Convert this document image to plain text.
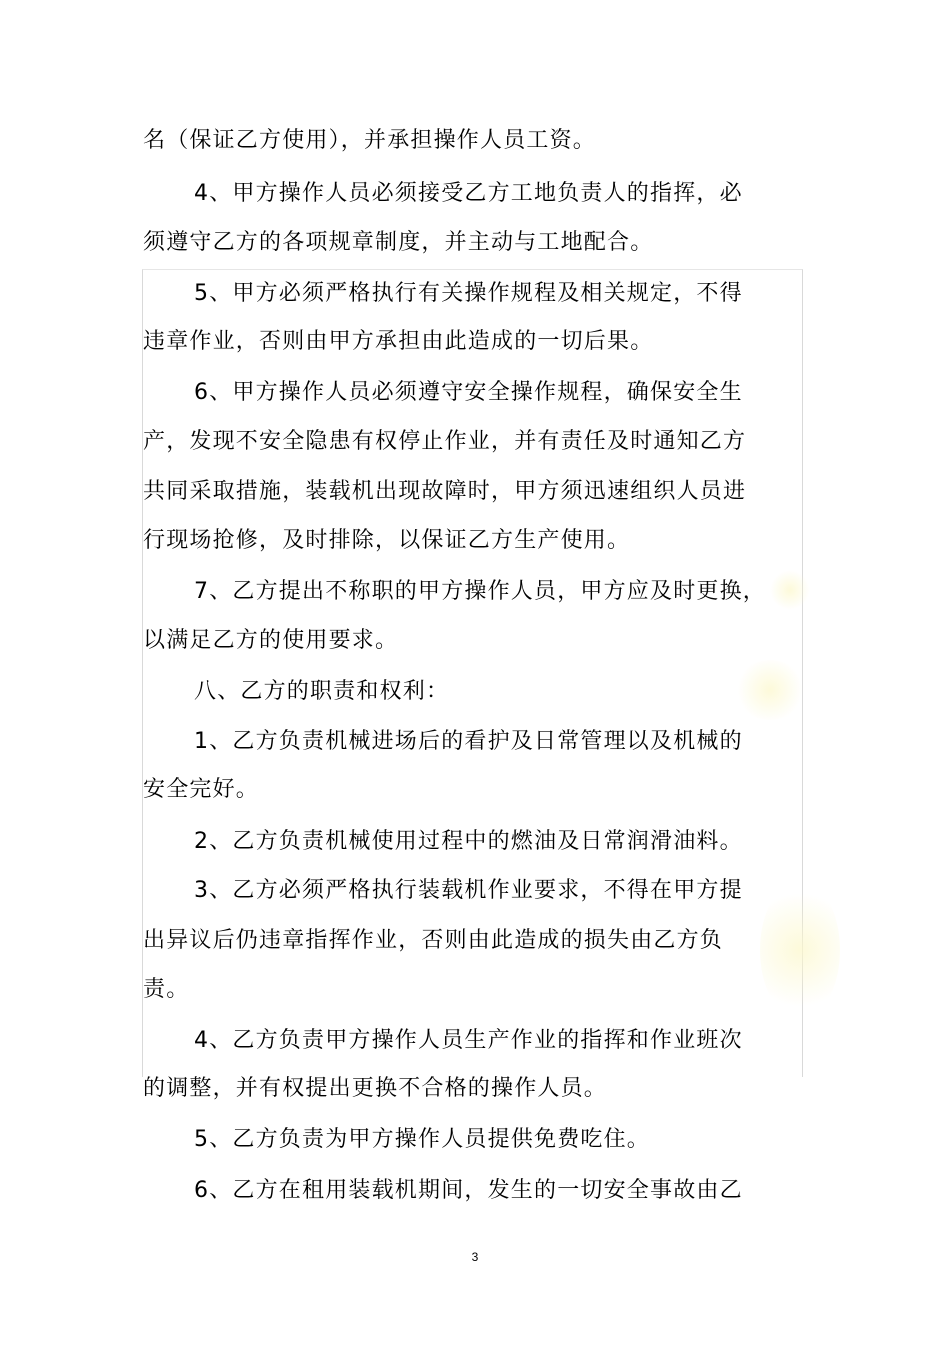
名（保证乙方使用），并承担操作人员工资。
4、甲方操作人员必须接受乙方工地负责人的指挥，必
须遵守乙方的各项规章制度，并主动与工地配合。
5、甲方必须严格执行有关操作规程及相关规定，不得
违章作业，否则由甲方承担由此造成的一切后果。
6、甲方操作人员必须遵守安全操作规程，确保安全生
产，发现不安全隐患有权停止作业，并有责任及时通知乙方
共同采取措施，装载机出现故障时，甲方须迅速组织人员进
行现场抢修，及时排除，以保证乙方生产使用。
7、乙方提出不称职的甲方操作人员，甲方应及时更换，
以满足乙方的使用要求。
八、乙方的职责和权利：
1、乙方负责机械进场后的看护及日常管理以及机械的
安全完好。
2、乙方负责机械使用过程中的燃油及日常润滑油料。
3、乙方必须严格执行装载机作业要求，不得在甲方提
出异议后仍违章指挥作业，否则由此造成的损失由乙方负
责。
4、乙方负责甲方操作人员生产作业的指挥和作业班次
的调整，并有权提出更换不合格的操作人员。
5、乙方负责为甲方操作人员提供免费吃住。
6、乙方在租用装载机期间，发生的一切安全事故由乙
3
